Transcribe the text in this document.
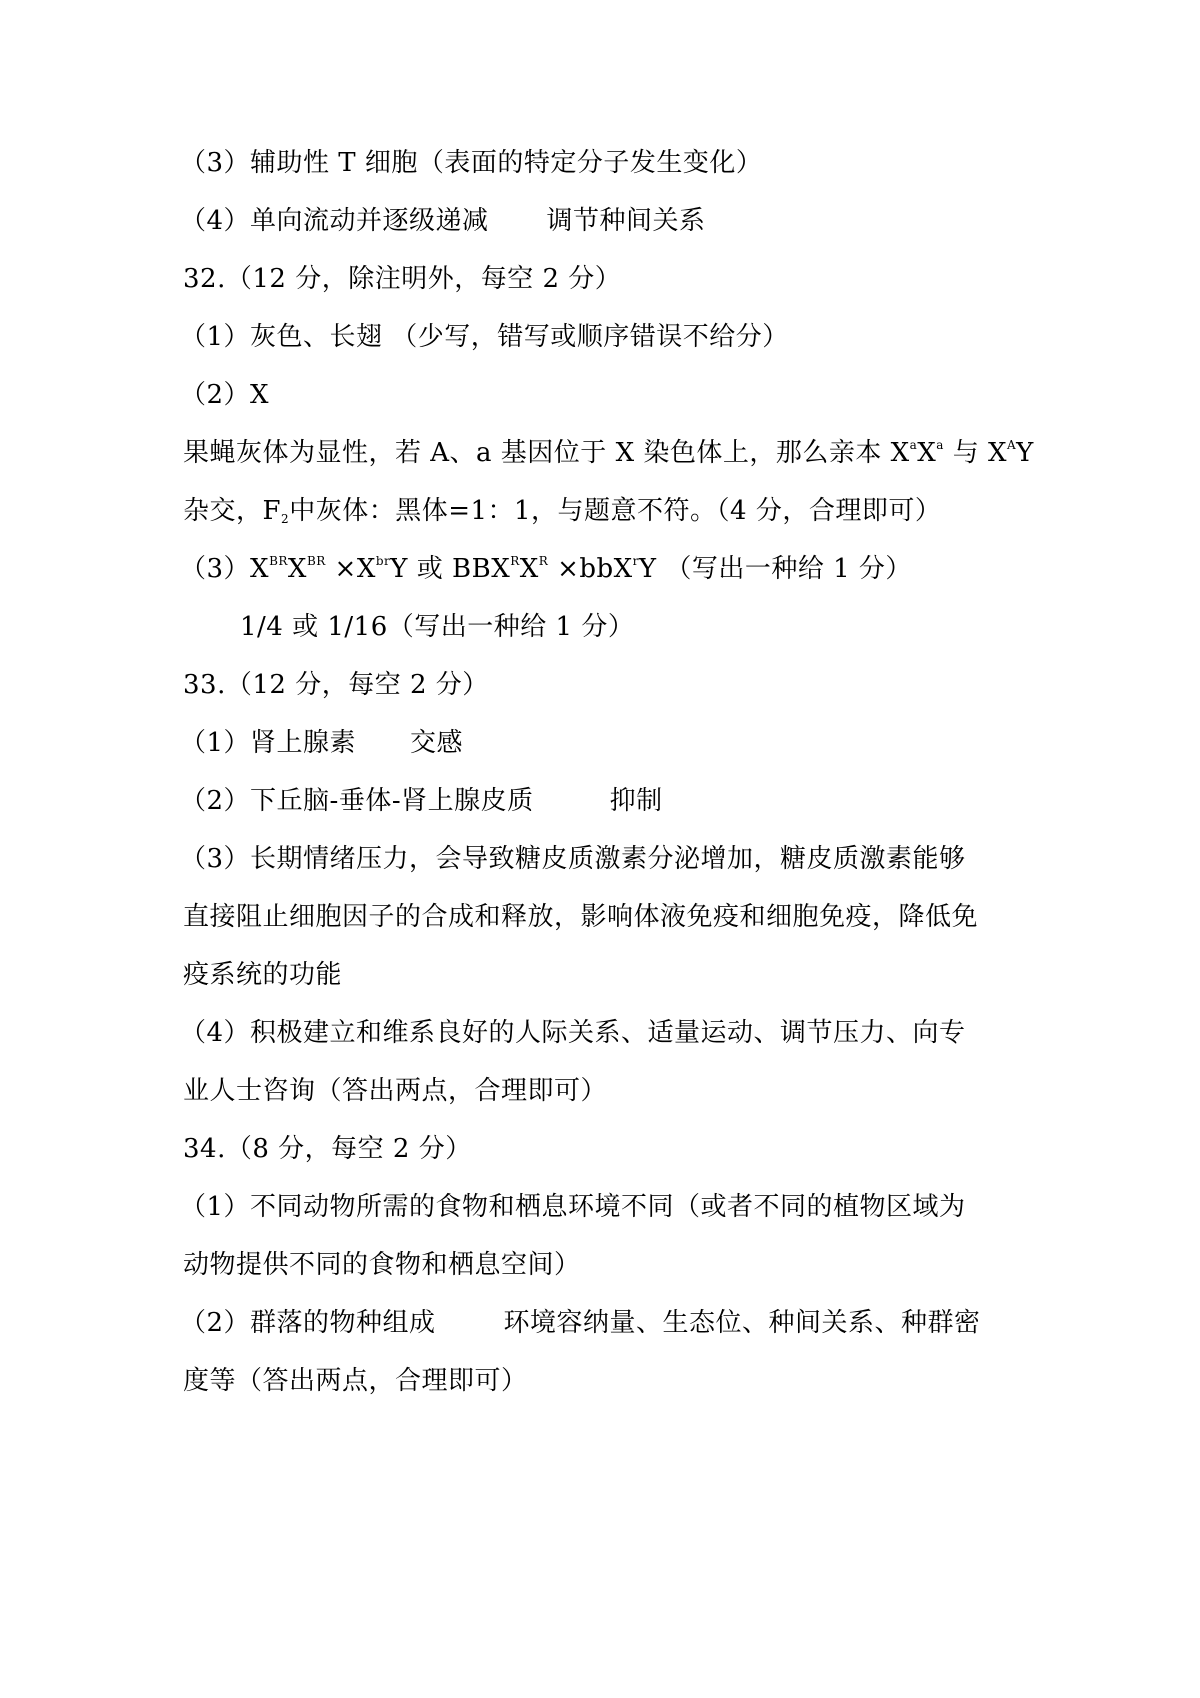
（3）辅助性 T 细胞（表面的特定分子发生变化）
（4）单向流动并逐级递减 调节种间关系
32.（12 分，除注明外，每空 2 分）
（1）灰色、长翅 （少写，错写或顺序错误不给分）
（2）X
果蝇灰体为显性，若 A、a 基因位于 X 染色体上，那么亲本 $X^aX^a$ 与 $X^AY$
杂交，$F_2$中灰体：黑体=1：1，与题意不符。（4 分，合理即可）
$(3)X^{BR}X^{BR} \times X^{br}Y$ 或 $BBX^RX^R \times bbX^rY$ （写出一种给 1 分）
1/4 或 1/16（写出一种给 1 分）
33.（12 分，每空 2 分）
（1）肾上腺素 交感
（2）下丘脑-垂体-肾上腺皮质	抑制
（3）长期情绪压力，会导致糖皮质激素分泌增加，糖皮质激素能够
直接阻止细胞因子的合成和释放，影响体液免疫和细胞免疫，降低免
疫系统的功能
（4）积极建立和维系良好的人际关系、适量运动、调节压力、向专
业人士咨询（答出两点，合理即可）
34.（8 分，每空 2 分）
（1）不同动物所需的食物和栖息环境不同（或者不同的植物区域为
动物提供不同的食物和栖息空间）
（2）群落的物种组成	环境容纳量、生态位、种间关系、种群密
度等（答出两点，合理即可）
